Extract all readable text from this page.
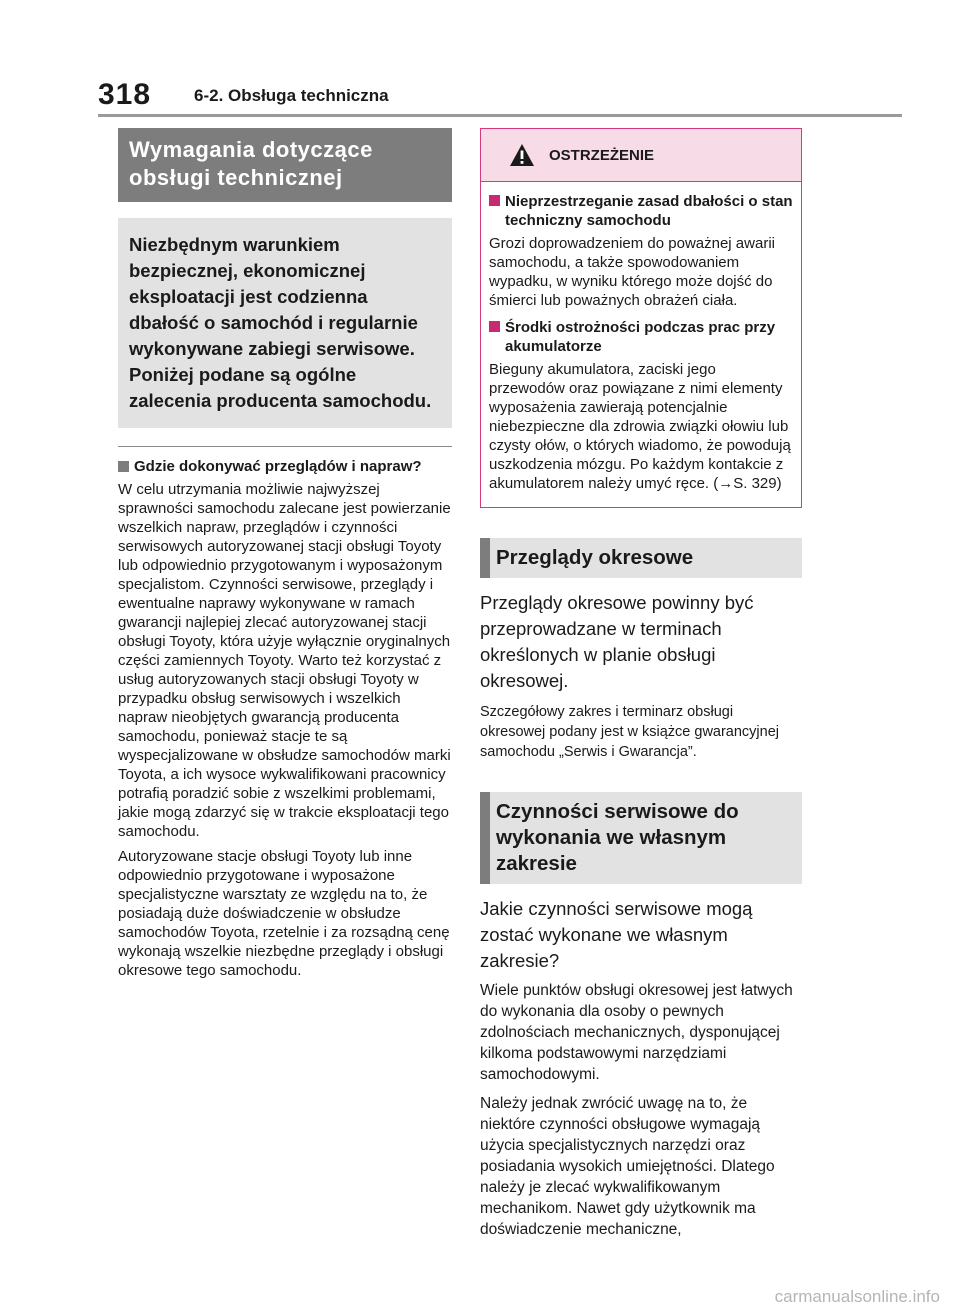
318	6-2. Obsługa techniczna
Wymagania dotyczące obsługi technicznej
Niezbędnym warunkiem bezpiecznej, ekonomicznej eksploatacji jest codzienna dbałość o samochód i regularnie wykonywane zabiegi serwisowe. Poniżej podane są ogólne zalecenia producenta samochodu.
Gdzie dokonywać przeglądów i napraw?

W celu utrzymania możliwie najwyższej sprawności samochodu zalecane jest powierzanie wszelkich napraw, przeglądów i czynności serwisowych autoryzowanej stacji obsługi Toyoty lub odpowiednio przygotowanym i wyposażonym specjalistom. Czynności serwisowe, przeglądy i ewentualne naprawy wykonywane w ramach gwarancji najlepiej zlecać autoryzowanej stacji obsługi Toyoty, która użyje wyłącznie oryginalnych części zamiennych Toyoty. Warto też korzystać z usług autoryzowanych stacji obsługi Toyoty w przypadku obsług serwisowych i wszelkich napraw nieobjętych gwarancją producenta samochodu, ponieważ stacje te są wyspecjalizowane w obsłudze samochodów marki Toyota, a ich wysoce wykwalifikowani pracownicy potrafią poradzić sobie z wszelkimi problemami, jakie mogą zdarzyć się w trakcie eksploatacji tego samochodu.

Autoryzowane stacje obsługi Toyoty lub inne odpowiednio przygotowane i wyposażone specjalistyczne warsztaty ze względu na to, że posiadają duże doświadczenie w obsłudze samochodów Toyota, rzetelnie i za rozsądną cenę wykonają wszelkie niezbędne przeglądy i obsługi okresowe tego samochodu.

OSTRZEŻENIE
Nieprzestrzeganie zasad dbałości o stan techniczny samochodu

Grozi doprowadzeniem do poważnej awarii samochodu, a także spowodowaniem wypadku, w wyniku którego może dojść do śmierci lub poważnych obrażeń ciała.

Środki ostrożności podczas prac przy akumulatorze

Bieguny akumulatora, zaciski jego przewodów oraz powiązane z nimi elementy wyposażenia zawierają potencjalnie niebezpieczne dla zdrowia związki ołowiu lub czysty ołów, o których wiadomo, że powodują uszkodzenia mózgu. Po każdym kontakcie z akumulatorem należy umyć ręce. (→S. 329)

Przeglądy okresowe

Przeglądy okresowe powinny być przeprowadzane w terminach określonych w planie obsługi okresowej.

Szczegółowy zakres i terminarz obsługi okresowej podany jest w książce gwarancyjnej samochodu „Serwis i Gwarancja”.

Czynności serwisowe do wykonania we własnym zakresie

Jakie czynności serwisowe mogą zostać wykonane we własnym zakresie?

Wiele punktów obsługi okresowej jest łatwych do wykonania dla osoby o pewnych zdolnościach mechanicznych, dysponującej kilkoma podstawowymi narzędziami samochodowymi.

Należy jednak zwrócić uwagę na to, że niektóre czynności obsługowe wymagają użycia specjalistycznych narzędzi oraz posiadania wysokich umiejętności. Dlatego należy je zlecać wykwalifikowanym mechanikom. Nawet gdy użytkownik ma doświadczenie mechaniczne,

carmanualsonline.info
